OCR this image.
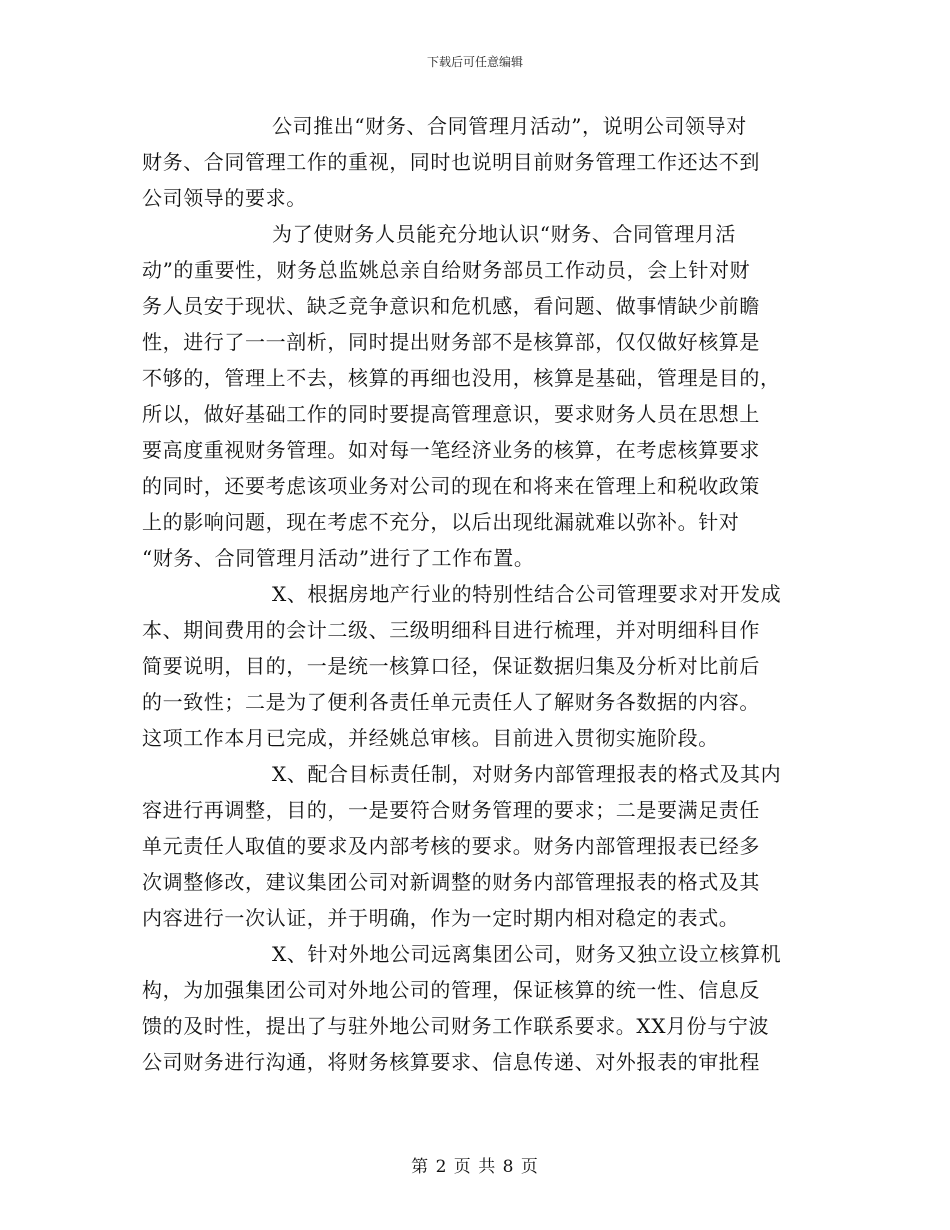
下载后可任意编辑
公司推出“财务、合同管理月活动”，说明公司领导对
财务、合同管理工作的重视，同时也说明目前财务管理工作还达不到
公司领导的要求。
为了使财务人员能充分地认识“财务、合同管理月活
动”的重要性，财务总监姚总亲自给财务部员工作动员，会上针对财
务人员安于现状、缺乏竞争意识和危机感，看问题、做事情缺少前瞻
性，进行了一一剖析，同时提出财务部不是核算部，仅仅做好核算是
不够的，管理上不去，核算的再细也没用，核算是基础，管理是目的，
所以，做好基础工作的同时要提高管理意识，要求财务人员在思想上
要高度重视财务管理。如对每一笔经济业务的核算，在考虑核算要求
的同时，还要考虑该项业务对公司的现在和将来在管理上和税收政策
上的影响问题，现在考虑不充分，以后出现纰漏就难以弥补。针对
“财务、合同管理月活动”进行了工作布置。
X、根据房地产行业的特别性结合公司管理要求对开发成
本、期间费用的会计二级、三级明细科目进行梳理，并对明细科目作
简要说明，目的，一是统一核算口径，保证数据归集及分析对比前后
的一致性；二是为了便利各责任单元责任人了解财务各数据的内容。
这项工作本月已完成，并经姚总审核。目前进入贯彻实施阶段。
X、配合目标责任制，对财务内部管理报表的格式及其内
容进行再调整，目的，一是要符合财务管理的要求；二是要满足责任
单元责任人取值的要求及内部考核的要求。财务内部管理报表已经多
次调整修改，建议集团公司对新调整的财务内部管理报表的格式及其
内容进行一次认证，并于明确，作为一定时期内相对稳定的表式。
X、针对外地公司远离集团公司，财务又独立设立核算机
构，为加强集团公司对外地公司的管理，保证核算的统一性、信息反
馈的及时性，提出了与驻外地公司财务工作联系要求。XX月份与宁波
公司财务进行沟通，将财务核算要求、信息传递、对外报表的审批程
第 2 页 共 8 页
